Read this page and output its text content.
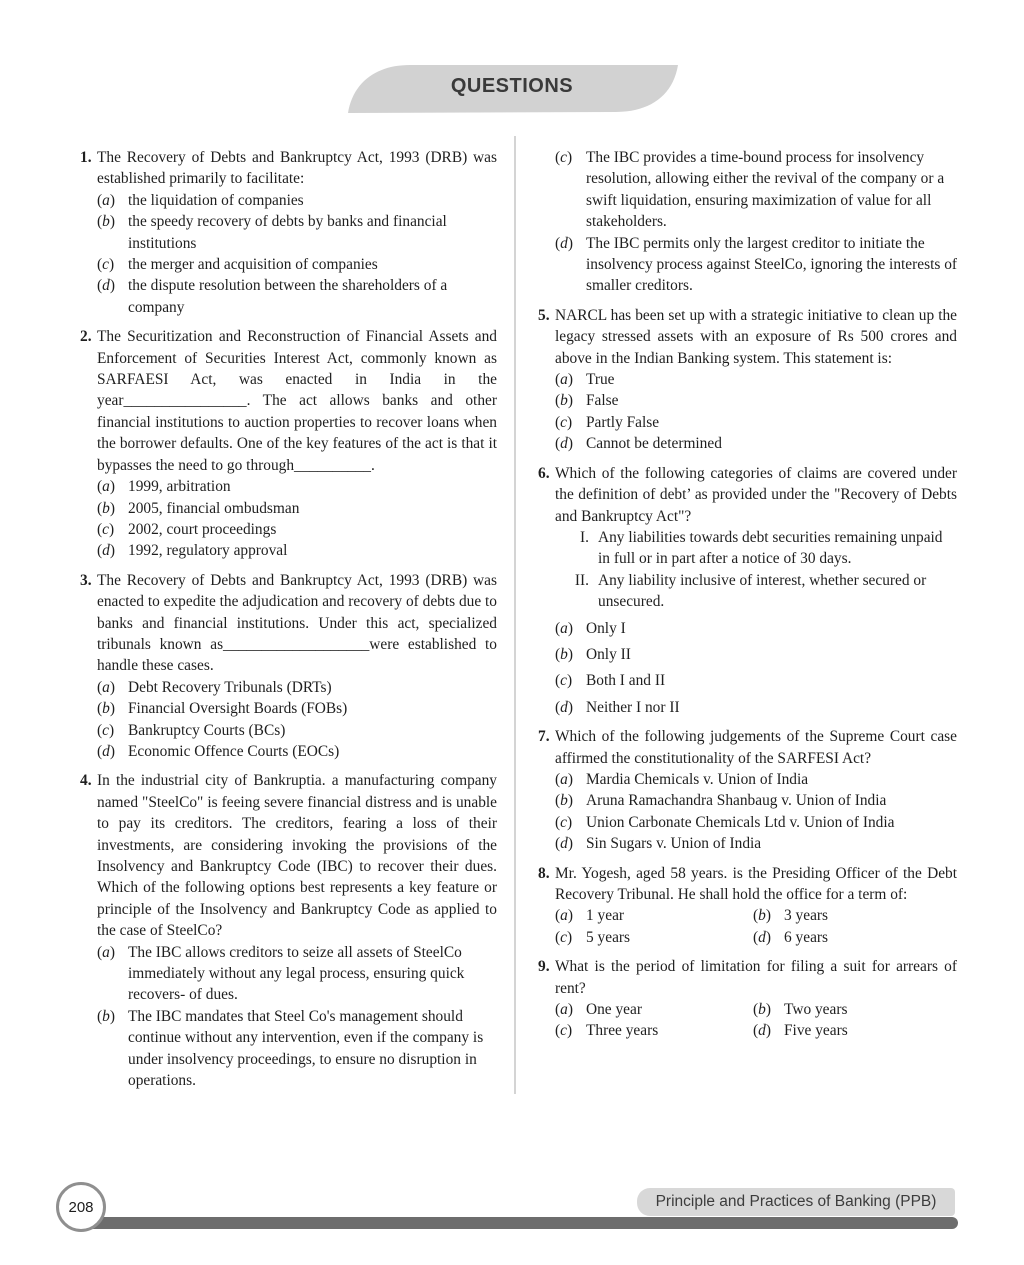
QUESTIONS
1. The Recovery of Debts and Bankruptcy Act, 1993 (DRB) was established primarily to facilitate:
(a) the liquidation of companies
(b) the speedy recovery of debts by banks and financial institutions
(c) the merger and acquisition of companies
(d) the dispute resolution between the shareholders of a company
2. The Securitization and Reconstruction of Financial Assets and Enforcement of Securities Interest Act, commonly known as SARFAESI Act, was enacted in India in the year________________. The act allows banks and other financial institutions to auction properties to recover loans when the borrower defaults. One of the key features of the act is that it bypasses the need to go through__________.
(a) 1999, arbitration
(b) 2005, financial ombudsman
(c) 2002, court proceedings
(d) 1992, regulatory approval
3. The Recovery of Debts and Bankruptcy Act, 1993 (DRB) was enacted to expedite the adjudication and recovery of debts due to banks and financial institutions. Under this act, specialized tribunals known as___________________were established to handle these cases.
(a) Debt Recovery Tribunals (DRTs)
(b) Financial Oversight Boards (FOBs)
(c) Bankruptcy Courts (BCs)
(d) Economic Offence Courts (EOCs)
4. In the industrial city of Bankruptia. a manufacturing company named "SteelCo" is feeing severe financial distress and is unable to pay its creditors. The creditors, fearing a loss of their investments, are considering invoking the provisions of the Insolvency and Bankruptcy Code (IBC) to recover their dues. Which of the following options best represents a key feature or principle of the Insolvency and Bankruptcy Code as applied to the case of SteelCo?
(a) The IBC allows creditors to seize all assets of SteelCo immediately without any legal process, ensuring quick recovers- of dues.
(b) The IBC mandates that Steel Co's management should continue without any intervention, even if the company is under insolvency proceedings, to ensure no disruption in operations.
(c) The IBC provides a time-bound process for insolvency resolution, allowing either the revival of the company or a swift liquidation, ensuring maximization of value for all stakeholders.
(d) The IBC permits only the largest creditor to initiate the insolvency process against SteelCo, ignoring the interests of smaller creditors.
5. NARCL has been set up with a strategic initiative to clean up the legacy stressed assets with an exposure of Rs 500 crores and above in the Indian Banking system. This statement is:
(a) True
(b) False
(c) Partly False
(d) Cannot be determined
6. Which of the following categories of claims are covered under the definition of debt’ as provided under the "Recovery of Debts and Bankruptcy Act"?
I. Any liabilities towards debt securities remaining unpaid in full or in part after a notice of 30 days.
II. Any liability inclusive of interest, whether secured or unsecured.
(a) Only I
(b) Only II
(c) Both I and II
(d) Neither I nor II
7. Which of the following judgements of the Supreme Court case affirmed the constitutionality of the SARFESI Act?
(a) Mardia Chemicals v. Union of India
(b) Aruna Ramachandra Shanbaug v. Union of India
(c) Union Carbonate Chemicals Ltd v. Union of India
(d) Sin Sugars v. Union of India
8. Mr. Yogesh, aged 58 years. is the Presiding Officer of the Debt Recovery Tribunal. He shall hold the office for a term of:
(a) 1 year	(b) 3 years
(c) 5 years	(d) 6 years
9. What is the period of limitation for filing a suit for arrears of rent?
(a) One year	(b) Two years
(c) Three years	(d) Five years
208	Principle and Practices of Banking (PPB)
